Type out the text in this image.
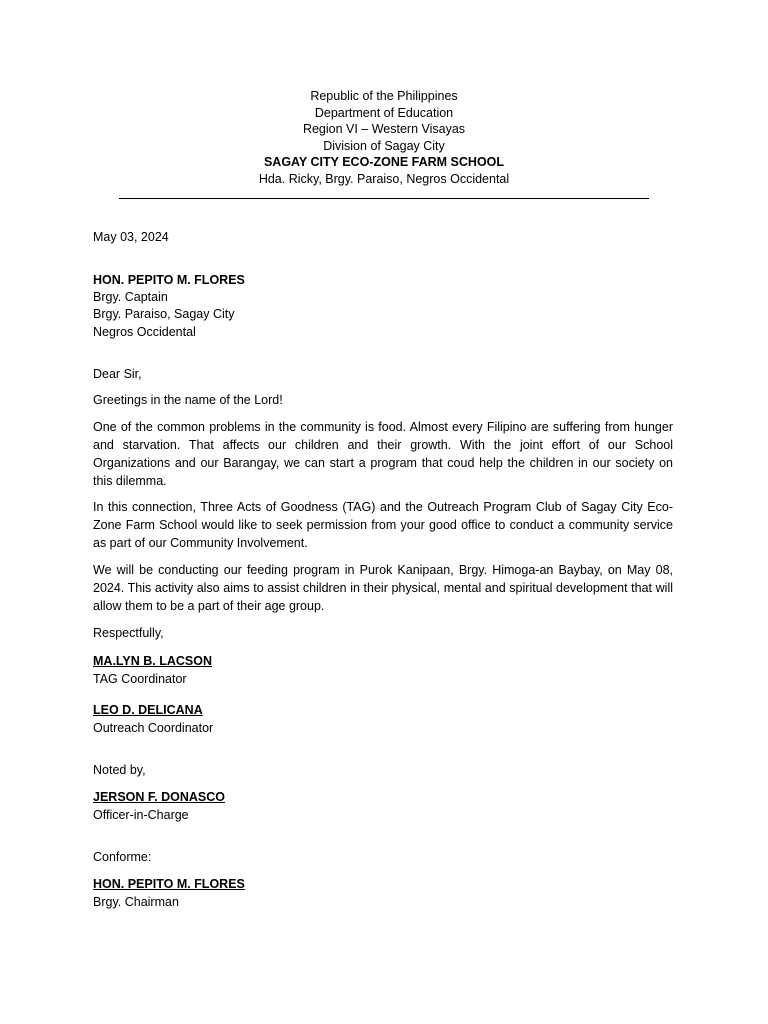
Republic of the Philippines
Department of Education
Region VI – Western Visayas
Division of Sagay City
SAGAY CITY ECO-ZONE FARM SCHOOL
Hda. Ricky, Brgy. Paraiso, Negros Occidental
May 03, 2024
HON. PEPITO M. FLORES
Brgy. Captain
Brgy. Paraiso, Sagay City
Negros Occidental
Dear Sir,
Greetings in the name of the Lord!
One of the common problems in the community is food. Almost every Filipino are suffering from hunger and starvation. That affects our children and their growth. With the joint effort of our School Organizations and our Barangay, we can start a program that coud help the children in our society on this dilemma.
In this connection, Three Acts of Goodness (TAG) and the Outreach Program Club of Sagay City Eco-Zone Farm School would like to seek permission from your good office to conduct a community service as part of our Community Involvement.
We will be conducting our feeding program in Purok Kanipaan, Brgy. Himoga-an Baybay, on May 08, 2024. This activity also aims to assist children in their physical, mental and spiritual development that will allow them to be a part of their age group.
Respectfully,
MA.LYN B. LACSON
TAG Coordinator
LEO D. DELICANA
Outreach Coordinator
Noted by,
JERSON F. DONASCO
Officer-in-Charge
Conforme:
HON. PEPITO M. FLORES
Brgy. Chairman
